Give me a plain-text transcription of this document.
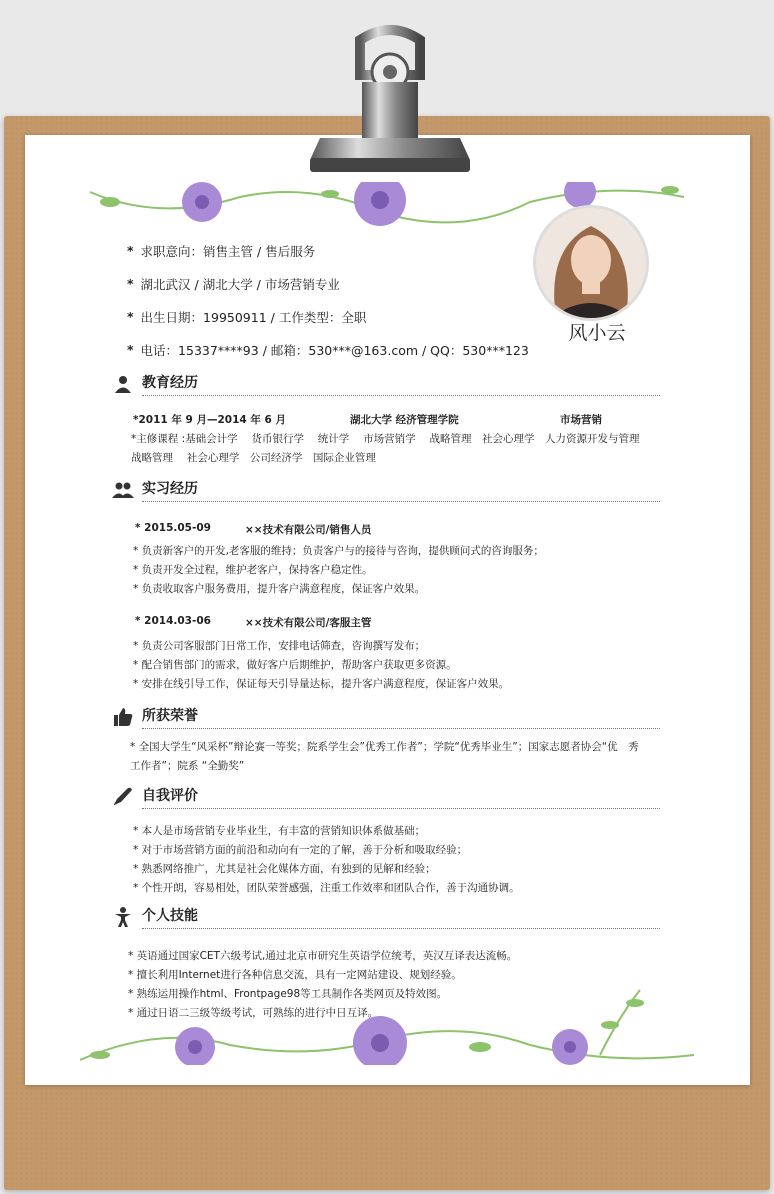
* 求职意向：销售主管 / 售后服务
* 湖北武汉 / 湖北大学 / 市场营销专业
* 出生日期：19950911 / 工作类型：全职
* 电话：15337****93 / 邮箱：530***@163.com / QQ：530***123
风小云
教育经历
*2011 年 9 月—2014 年 6 月	湖北大学 经济管理学院	市场营销
*主修课程 :基础会计学　 货币银行学　 统计学　 市场营销学　 战略管理　社会心理学　人力资源开发与管理
战略管理　 社会心理学　公司经济学　国际企业管理
实习经历
* 2015.05-09	××技术有限公司/销售人员
* 负责新客户的开发,老客服的维持；负责客户与的接待与咨询，提供顾问式的咨询服务；
* 负责开发全过程，维护老客户，保持客户稳定性。
* 负责收取客户服务费用，提升客户满意程度，保证客户效果。
* 2014.03-06	××技术有限公司/客服主管
* 负责公司客服部门日常工作，安排电话筛查，咨询撰写发布；
* 配合销售部门的需求，做好客户后期维护，帮助客户获取更多资源。
* 安排在线引导工作，保证每天引导量达标，提升客户满意程度，保证客户效果。
所获荣誉
* 全国大学生“风采杯”辩论赛一等奖；院系学生会”优秀工作者”；学院“优秀毕业生”；国家志愿者协会“优　秀
工作者”；院系 “全勤奖”
自我评价
* 本人是市场营销专业毕业生，有丰富的营销知识体系做基础；
* 对于市场营销方面的前沿和动向有一定的了解，善于分析和吸取经验；
* 熟悉网络推广，尤其是社会化媒体方面，有独到的见解和经验；
* 个性开朗，容易相处，团队荣誉感强，注重工作效率和团队合作，善于沟通协调。
个人技能
* 英语通过国家CET六级考试,通过北京市研究生英语学位统考，英汉互译表达流畅。
* 擅长利用Internet进行各种信息交流，具有一定网站建设、规划经验。
* 熟练运用操作html、Frontpage98等工具制作各类网页及特效图。
* 通过日语二三级等级考试，可熟练的进行中日互译。
